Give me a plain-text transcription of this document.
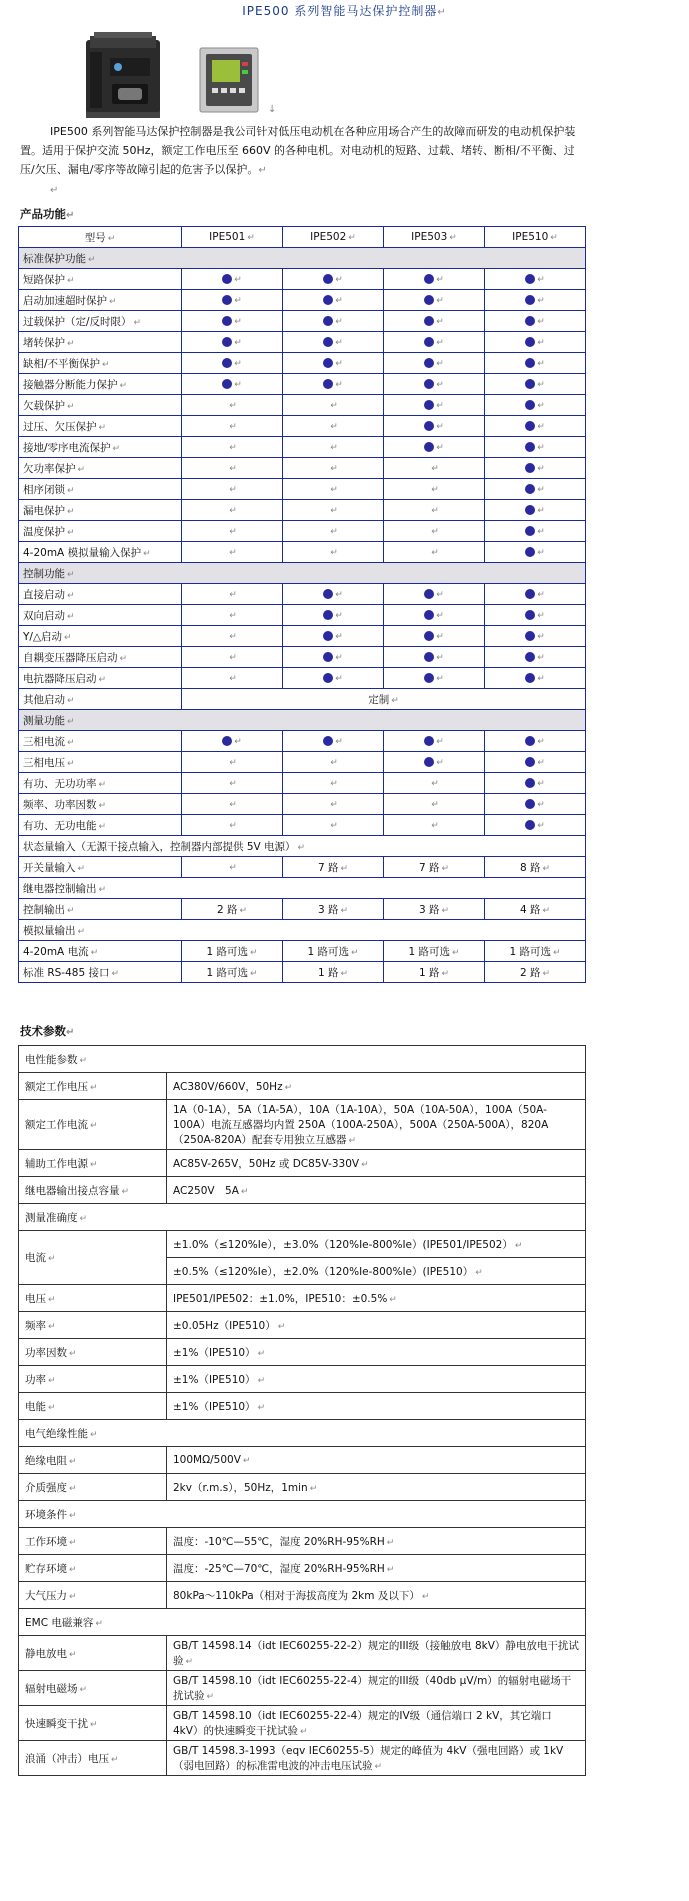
IPE500 系列智能马达保护控制器↵
↓

IPE500 系列智能马达保护控制器是我公司针对低压电动机在各种应用场合产生的故障而研发的电动机保护装置。适用于保护交流 50Hz，额定工作电压至 660V 的各种电机。对电动机的短路、过载、堵转、断相/不平衡、过压/欠压、漏电/零序等故障引起的危害予以保护。↵

↵

产品功能↵
型号 ↵	IPE501 ↵	IPE502 ↵	IPE503 ↵	IPE510 ↵
标准保护功能 ↵				
短路保护 ↵	↵	↵	↵	↵
启动加速超时保护 ↵	↵	↵	↵	↵
过载保护（定/反时限） ↵	↵	↵	↵	↵
堵转保护 ↵	↵	↵	↵	↵
缺相/不平衡保护 ↵	↵	↵	↵	↵
接触器分断能力保护 ↵	↵	↵	↵	↵
欠载保护 ↵	↵	↵	↵	↵
过压、欠压保护 ↵	↵	↵	↵	↵
接地/零序电流保护 ↵	↵	↵	↵	↵
欠功率保护 ↵	↵	↵	↵	↵
相序闭锁 ↵	↵	↵	↵	↵
漏电保护 ↵	↵	↵	↵	↵
温度保护 ↵	↵	↵	↵	↵
4-20mA 模拟量输入保护 ↵	↵	↵	↵	↵
控制功能 ↵				
直接启动 ↵	↵	↵	↵	↵
双向启动 ↵	↵	↵	↵	↵
Y/△启动 ↵	↵	↵	↵	↵
自耦变压器降压启动 ↵	↵	↵	↵	↵
电抗器降压启动 ↵	↵	↵	↵	↵
其他启动 ↵	定制 ↵			
测量功能 ↵				
三相电流 ↵	↵	↵	↵	↵
三相电压 ↵	↵	↵	↵	↵
有功、无功功率 ↵	↵	↵	↵	↵
频率、功率因数 ↵	↵	↵	↵	↵
有功、无功电能 ↵	↵	↵	↵	↵
状态量输入（无源干接点输入，控制器内部提供 5V 电源） ↵				
开关量输入 ↵	↵	7 路 ↵	7 路 ↵	8 路 ↵
继电器控制输出 ↵				
控制输出 ↵	2 路 ↵	3 路 ↵	3 路 ↵	4 路 ↵
模拟量输出 ↵				
4-20mA 电流 ↵	1 路可选 ↵	1 路可选 ↵	1 路可选 ↵	1 路可选 ↵
标准 RS-485 接口 ↵	1 路可选 ↵	1 路 ↵	1 路 ↵	2 路 ↵
技术参数↵
电性能参数 ↵	
额定工作电压 ↵	AC380V/660V，50Hz ↵
额定工作电流 ↵	1A（0-1A），5A（1A-5A），10A（1A-10A），50A（10A-50A），100A（50A-100A）电流互感器均内置 250A（100A-250A），500A（250A-500A），820A（250A-820A）配套专用独立互感器 ↵
辅助工作电源 ↵	AC85V-265V，50Hz 或 DC85V-330V ↵
继电器输出接点容量 ↵	AC250V　5A ↵
测量准确度 ↵	
电流 ↵	±1.0%（≤120%Ie），±3.0%（120%Ie-800%Ie）(IPE501/IPE502） ↵
	±0.5%（≤120%Ie），±2.0%（120%Ie-800%Ie）(IPE510） ↵
电压 ↵	IPE501/IPE502：±1.0%，IPE510：±0.5% ↵
频率 ↵	±0.05Hz（IPE510） ↵
功率因数 ↵	±1%（IPE510） ↵
功率 ↵	±1%（IPE510） ↵
电能 ↵	±1%（IPE510） ↵
电气绝缘性能 ↵	
绝缘电阻 ↵	100MΩ/500V ↵
介质强度 ↵	2kv（r.m.s），50Hz，1min ↵
环境条件 ↵	
工作环境 ↵	温度：-10℃—55℃，湿度 20%RH-95%RH ↵
贮存环境 ↵	温度：-25℃—70℃，湿度 20%RH-95%RH ↵
大气压力 ↵	80kPa～110kPa（相对于海拔高度为 2km 及以下） ↵
EMC 电磁兼容 ↵	
静电放电 ↵	GB/T 14598.14（idt IEC60255-22-2）规定的III级（接触放电 8kV）静电放电干扰试验 ↵
辐射电磁场 ↵	GB/T 14598.10（idt IEC60255-22-4）规定的III级（40db μV/m）的辐射电磁场干扰试验 ↵
快速瞬变干扰 ↵	GB/T 14598.10（idt IEC60255-22-4）规定的IV级（通信端口 2 kV，其它端口 4kV）的快速瞬变干扰试验 ↵
浪涌（冲击）电压 ↵	GB/T 14598.3-1993（eqv IEC60255-5）规定的峰值为 4kV（强电回路）或 1kV（弱电回路）的标准雷电波的冲击电压试验 ↵
